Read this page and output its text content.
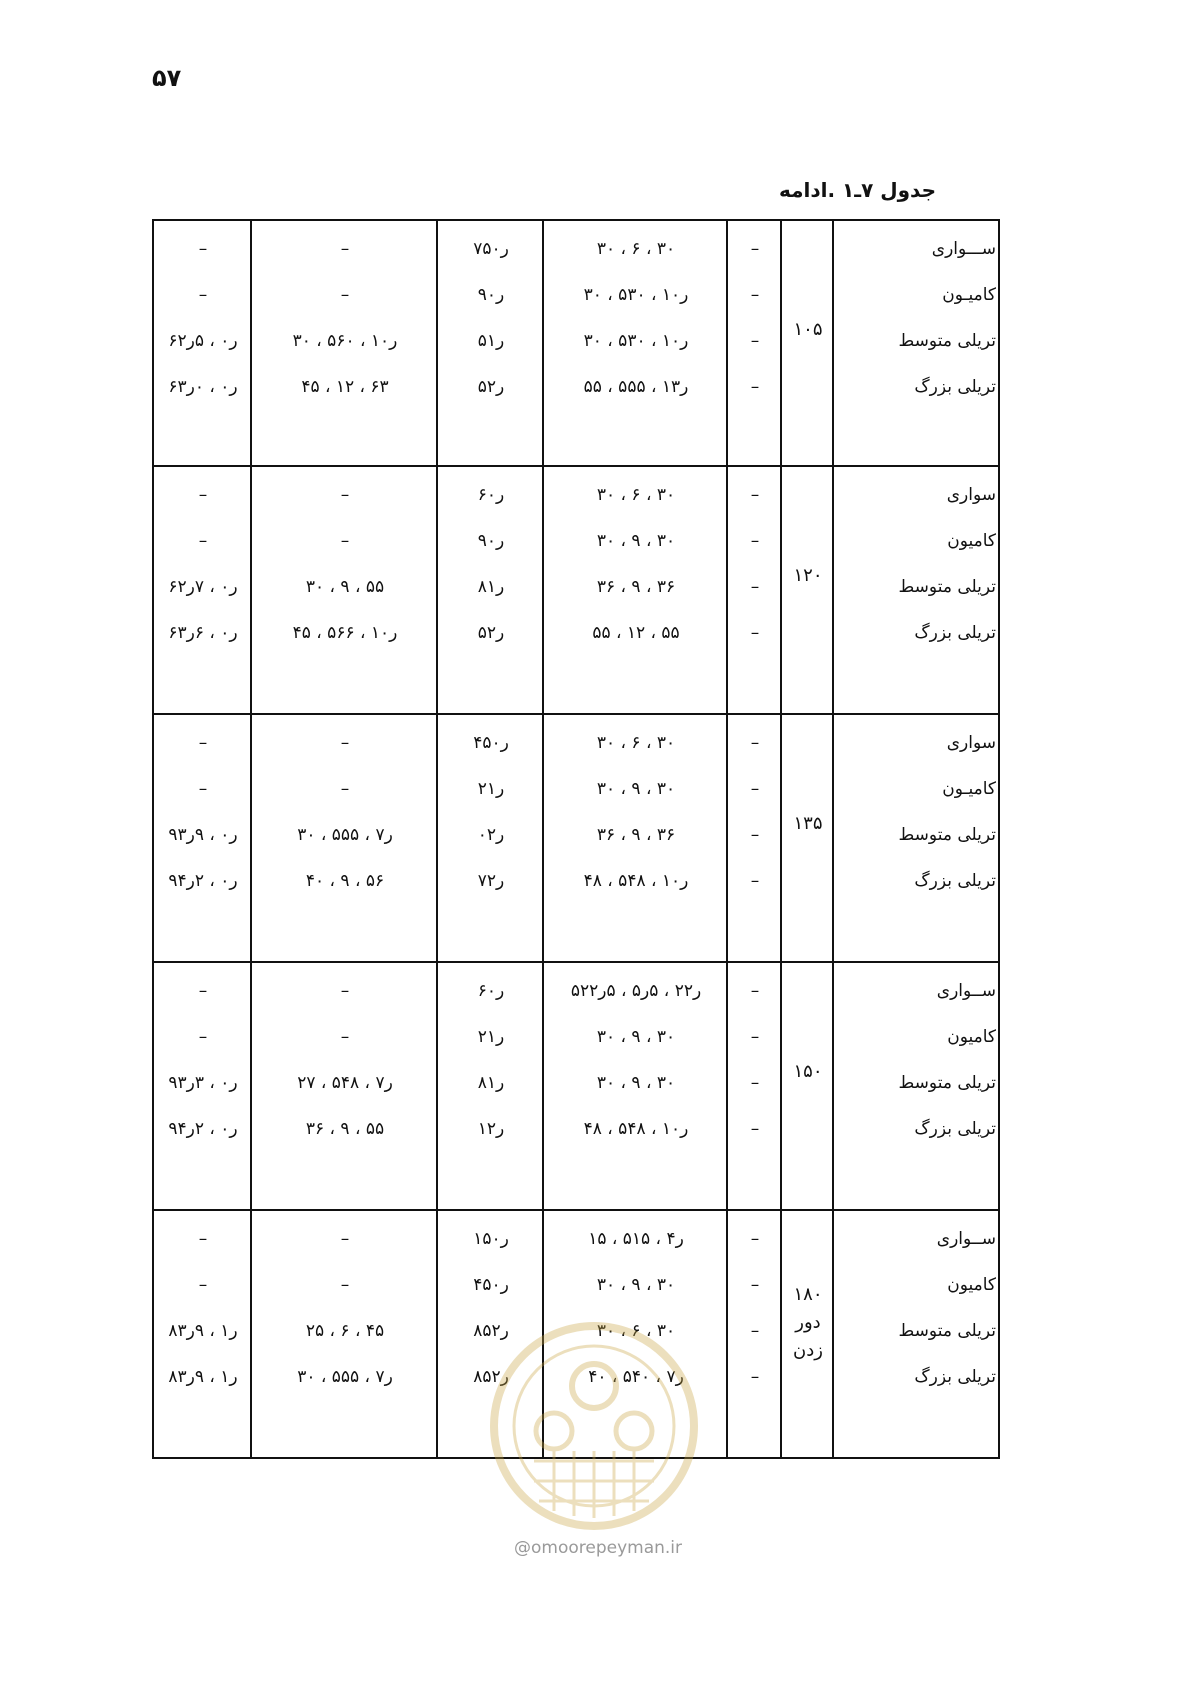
۵۷
جدول ۷ـ۱ .ادامه
–	–	۷۵ر۰	۳۰ ، ۶ ، ۳۰	–	ســـواری
–	–	۹ر۰	۳۰ ، ۵ر۱۰ ، ۳۰	–	کامیـون
۶ر۰ ، ۵ر۲	۳۰ ، ۵ر۱۰ ، ۶۰	۵ر۱	۳۰ ، ۵ر۱۰ ، ۳۰	–	تریلی متوسط
۶ر۰ ، ۰ر۳	۴۵ ، ۱۲ ، ۶۳	۵ر۲	۵۵ ، ۵ر۱۳ ، ۵۵	–	تریلی بزرگ
۱۰۵
–	–	۶ر۰	۳۰ ، ۶ ، ۳۰	–	سواری
–	–	۹ر۰	۳۰ ، ۹ ، ۳۰	–	کامیون
۶ر۰ ، ۷ر۲	۳۰ ، ۹ ، ۵۵	۸ر۱	۳۶ ، ۹ ، ۳۶	–	تریلی متوسط
۶ر۰ ، ۶ر۳	۴۵ ، ۵ر۱۰ ، ۶۶	۵ر۲	۵۵ ، ۱۲ ، ۵۵	–	تریلی بزرگ
۱۲۰
–	–	۴۵ر۰	۳۰ ، ۶ ، ۳۰	–	سواری
–	–	۲ر۱	۳۰ ، ۹ ، ۳۰	–	کامیـون
۹ر۰ ، ۹ر۳	۳۰ ، ۵ر۷ ، ۵۵	۰ر۲	۳۶ ، ۹ ، ۳۶	–	تریلی متوسط
۹ر۰ ، ۲ر۴	۴۰ ، ۹ ، ۵۶	۷ر۲	۴۸ ، ۵ر۱۰ ، ۴۸	–	تریلی بزرگ
۱۳۵
–	–	۶ر۰	۵ر۲۲ ، ۵ر۵ ، ۵ر۲۲	–	ســواری
–	–	۲ر۱	۳۰ ، ۹ ، ۳۰	–	کامیون
۹ر۰ ، ۳ر۳	۲۷ ، ۵ر۷ ، ۴۸	۸ر۱	۳۰ ، ۹ ، ۳۰	–	تریلی متوسط
۹ر۰ ، ۲ر۴	۳۶ ، ۹ ، ۵۵	۱ر۲	۴۸ ، ۵ر۱۰ ، ۴۸	–	تریلی بزرگ
۱۵۰
–	–	۱۵ر۰	۱۵ ، ۵ر۴ ، ۱۵	–	ســواری
–	–	۴۵ر۰	۳۰ ، ۹ ، ۳۰	–	کامیون
۸ر۱ ، ۹ر۳	۲۵ ، ۶ ، ۴۵	۸۵ر۲	۳۰ ، ۶ ، ۳۰	–	تریلی متوسط
۸ر۱ ، ۹ر۳	۳۰ ، ۵ر۷ ، ۵۵	۸۵ر۲	۴۰ ، ۵ر۷ ، ۴۰	–	تریلی بزرگ
۱۸۰ دور زدن
@omoorepeyman.ir
